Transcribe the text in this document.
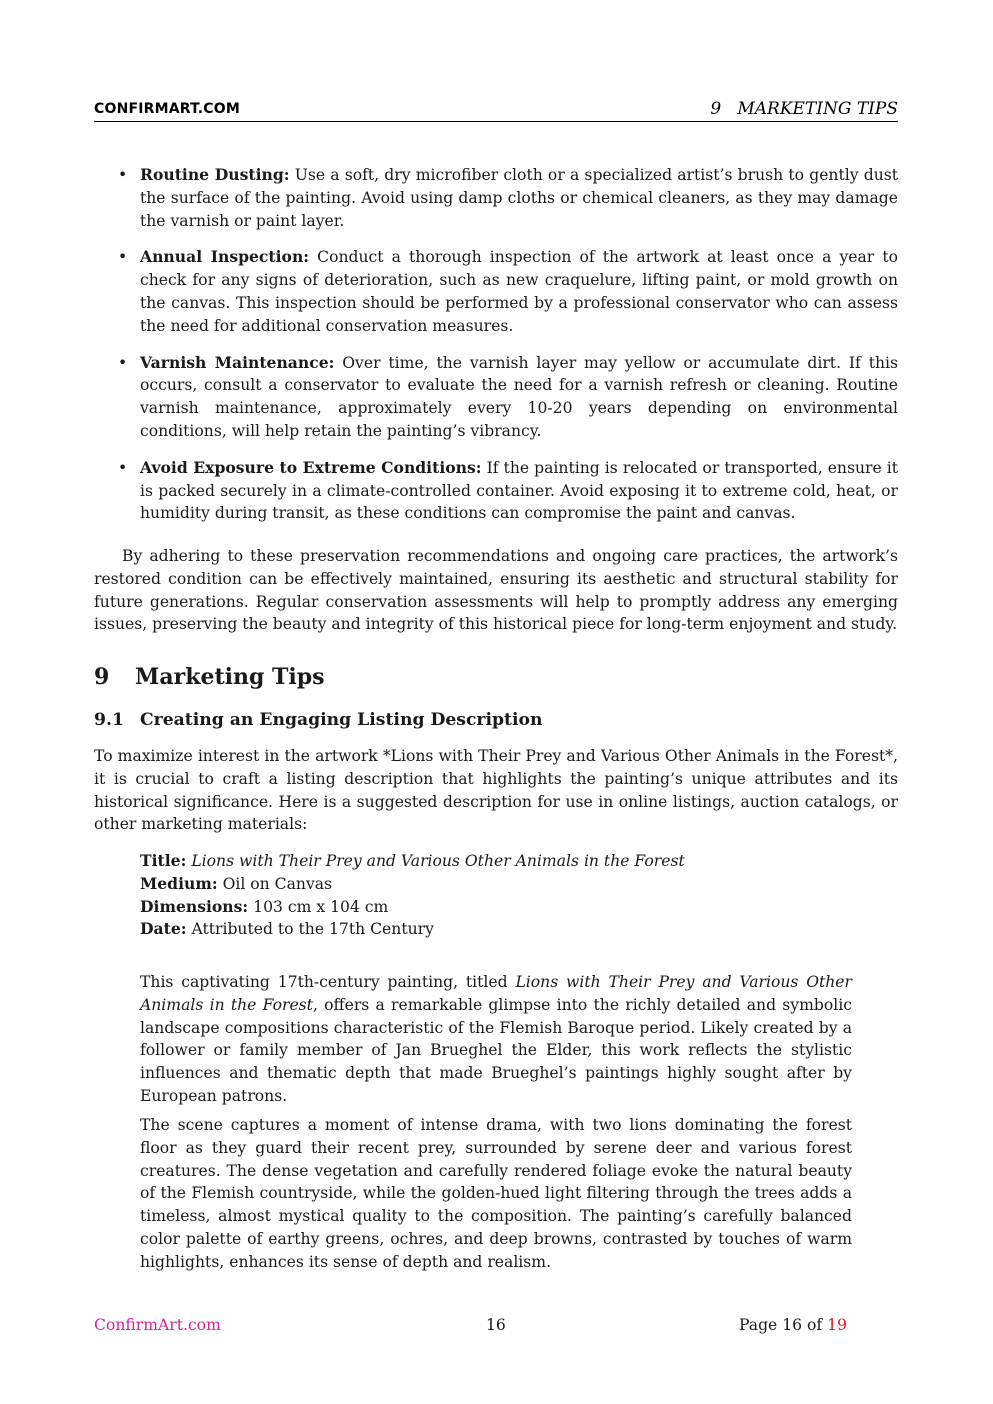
CONFIRMART.COM	9   MARKETING TIPS
• Routine Dusting: Use a soft, dry microfiber cloth or a specialized artist’s brush to gently dust the surface of the painting. Avoid using damp cloths or chemical cleaners, as they may damage the varnish or paint layer.
• Annual Inspection: Conduct a thorough inspection of the artwork at least once a year to check for any signs of deterioration, such as new craquelure, lifting paint, or mold growth on the canvas. This inspection should be performed by a professional conservator who can assess the need for additional conservation measures.
• Varnish Maintenance: Over time, the varnish layer may yellow or accumulate dirt. If this occurs, consult a conservator to evaluate the need for a varnish refresh or cleaning. Routine varnish maintenance, approximately every 10-20 years depending on environmental conditions, will help retain the painting’s vibrancy.
• Avoid Exposure to Extreme Conditions: If the painting is relocated or transported, ensure it is packed securely in a climate-controlled container. Avoid exposing it to extreme cold, heat, or humidity during transit, as these conditions can compromise the paint and canvas.

By adhering to these preservation recommendations and ongoing care practices, the artwork’s restored condition can be effectively maintained, ensuring its aesthetic and structural stability for future generations. Regular conservation assessments will help to promptly address any emerging issues, preserving the beauty and integrity of this historical piece for long-term enjoyment and study.

9 Marketing Tips
9.1 Creating an Engaging Listing Description

To maximize interest in the artwork *Lions with Their Prey and Various Other Animals in the Forest*, it is crucial to craft a listing description that highlights the painting’s unique attributes and its historical significance. Here is a suggested description for use in online listings, auction catalogs, or other marketing materials:

Title: Lions with Their Prey and Various Other Animals in the Forest
Medium: Oil on Canvas
Dimensions: 103 cm x 104 cm
Date: Attributed to the 17th Century

This captivating 17th-century painting, titled Lions with Their Prey and Various Other Animals in the Forest, offers a remarkable glimpse into the richly detailed and symbolic landscape compositions characteristic of the Flemish Baroque period. Likely created by a follower or family member of Jan Brueghel the Elder, this work reflects the stylistic influences and thematic depth that made Brueghel’s paintings highly sought after by European patrons.

The scene captures a moment of intense drama, with two lions dominating the forest floor as they guard their recent prey, surrounded by serene deer and various forest creatures. The dense vegetation and carefully rendered foliage evoke the natural beauty of the Flemish countryside, while the golden-hued light filtering through the trees adds a timeless, almost mystical quality to the composition. The painting’s carefully balanced color palette of earthy greens, ochres, and deep browns, contrasted by touches of warm highlights, enhances its sense of depth and realism.

ConfirmArt.com	16	Page 16 of 19
